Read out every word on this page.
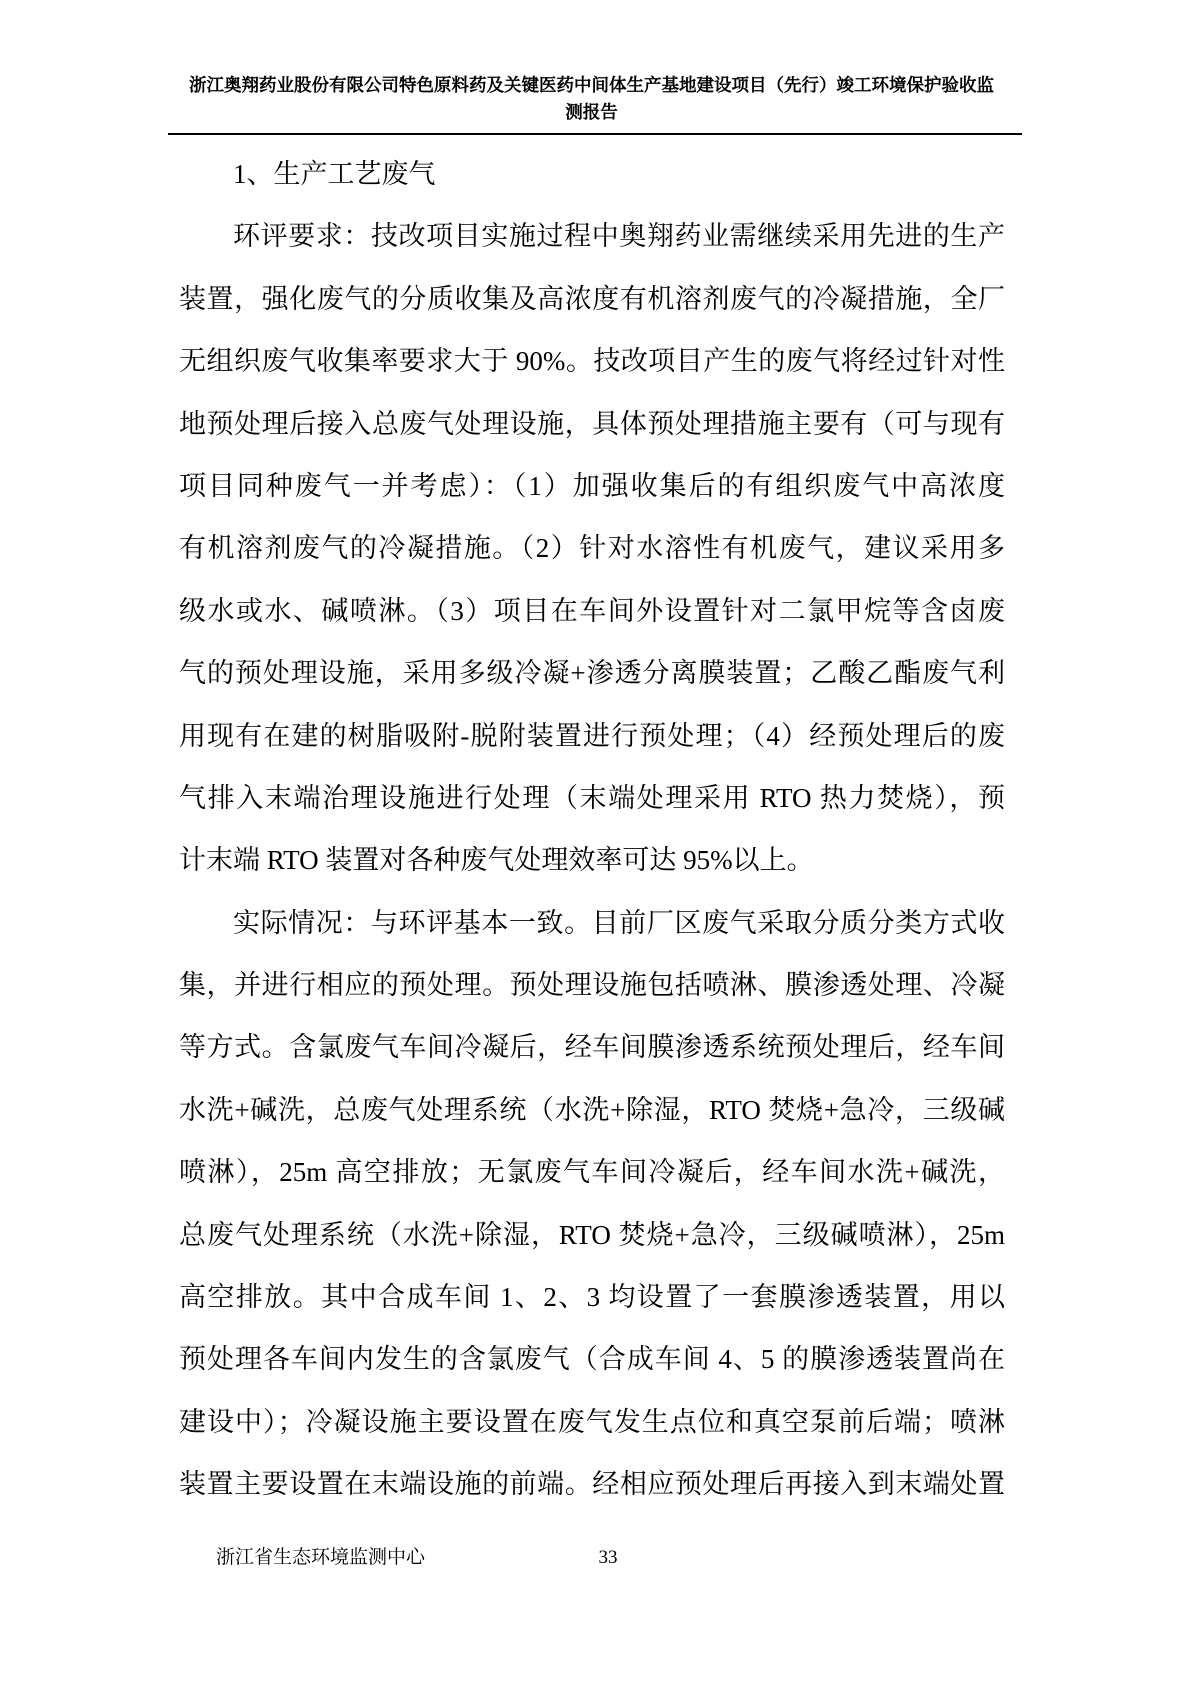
浙江奥翔药业股份有限公司特色原料药及关键医药中间体生产基地建设项目（先行）竣工环境保护验收监测报告
1、生产工艺废气
环评要求：技改项目实施过程中奥翔药业需继续采用先进的生产
装置，强化废气的分质收集及高浓度有机溶剂废气的冷凝措施，全厂
无组织废气收集率要求大于 90%。技改项目产生的废气将经过针对性
地预处理后接入总废气处理设施，具体预处理措施主要有（可与现有
项目同种废气一并考虑）：（1）加强收集后的有组织废气中高浓度
有机溶剂废气的冷凝措施。（2）针对水溶性有机废气，建议采用多
级水或水、碱喷淋。（3）项目在车间外设置针对二氯甲烷等含卤废
气的预处理设施，采用多级冷凝+渗透分离膜装置；乙酸乙酯废气利
用现有在建的树脂吸附-脱附装置进行预处理；（4）经预处理后的废
气排入末端治理设施进行处理（末端处理采用 RTO 热力焚烧），预
计末端 RTO 装置对各种废气处理效率可达 95%以上。
实际情况：与环评基本一致。目前厂区废气采取分质分类方式收
集，并进行相应的预处理。预处理设施包括喷淋、膜渗透处理、冷凝
等方式。含氯废气车间冷凝后，经车间膜渗透系统预处理后，经车间
水洗+碱洗，总废气处理系统（水洗+除湿，RTO 焚烧+急冷，三级碱
喷淋），25m 高空排放；无氯废气车间冷凝后，经车间水洗+碱洗，
总废气处理系统（水洗+除湿，RTO 焚烧+急冷，三级碱喷淋），25m
高空排放。其中合成车间 1、2、3 均设置了一套膜渗透装置，用以
预处理各车间内发生的含氯废气（合成车间 4、5 的膜渗透装置尚在
建设中）；冷凝设施主要设置在废气发生点位和真空泵前后端；喷淋
装置主要设置在末端设施的前端。经相应预处理后再接入到末端处置
浙江省生态环境监测中心	33
